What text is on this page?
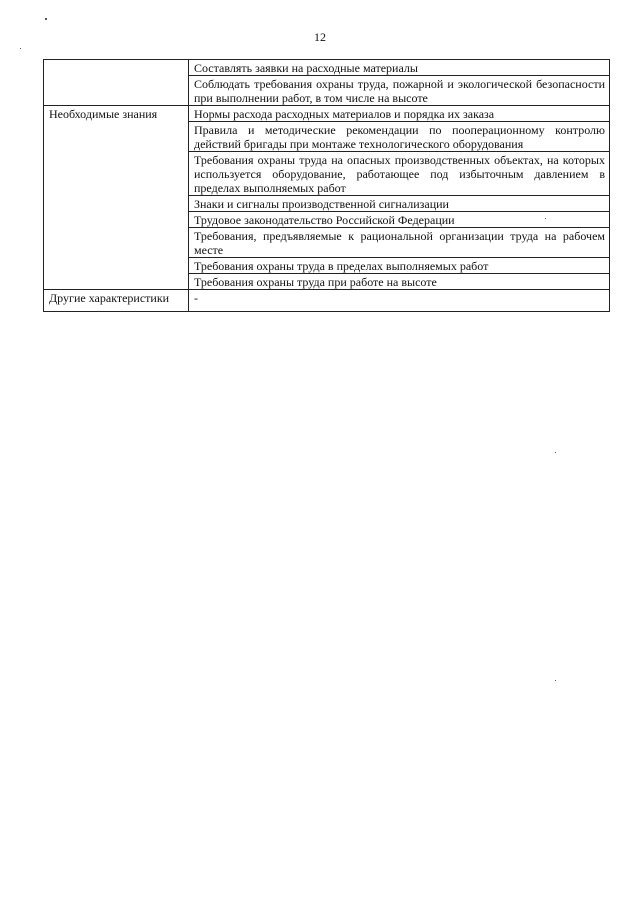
12
	Составлять заявки на расходные материалы
	Соблюдать требования охраны труда, пожарной и экологической безопасности при выполнении работ, в том числе на высоте
Необходимые знания	Нормы расхода расходных материалов и порядка их заказа
	Правила и методические рекомендации по пооперационному контролю действий бригады при монтаже технологического оборудования
	Требования охраны труда на опасных производственных объектах, на которых используется оборудование, работающее под избыточным давлением в пределах выполняемых работ
	Знаки и сигналы производственной сигнализации
	Трудовое законодательство Российской Федерации
	Требования, предъявляемые к рациональной организации труда на рабочем месте
	Требования охраны труда в пределах выполняемых работ
	Требования охраны труда при работе на высоте
Другие характеристики	-
